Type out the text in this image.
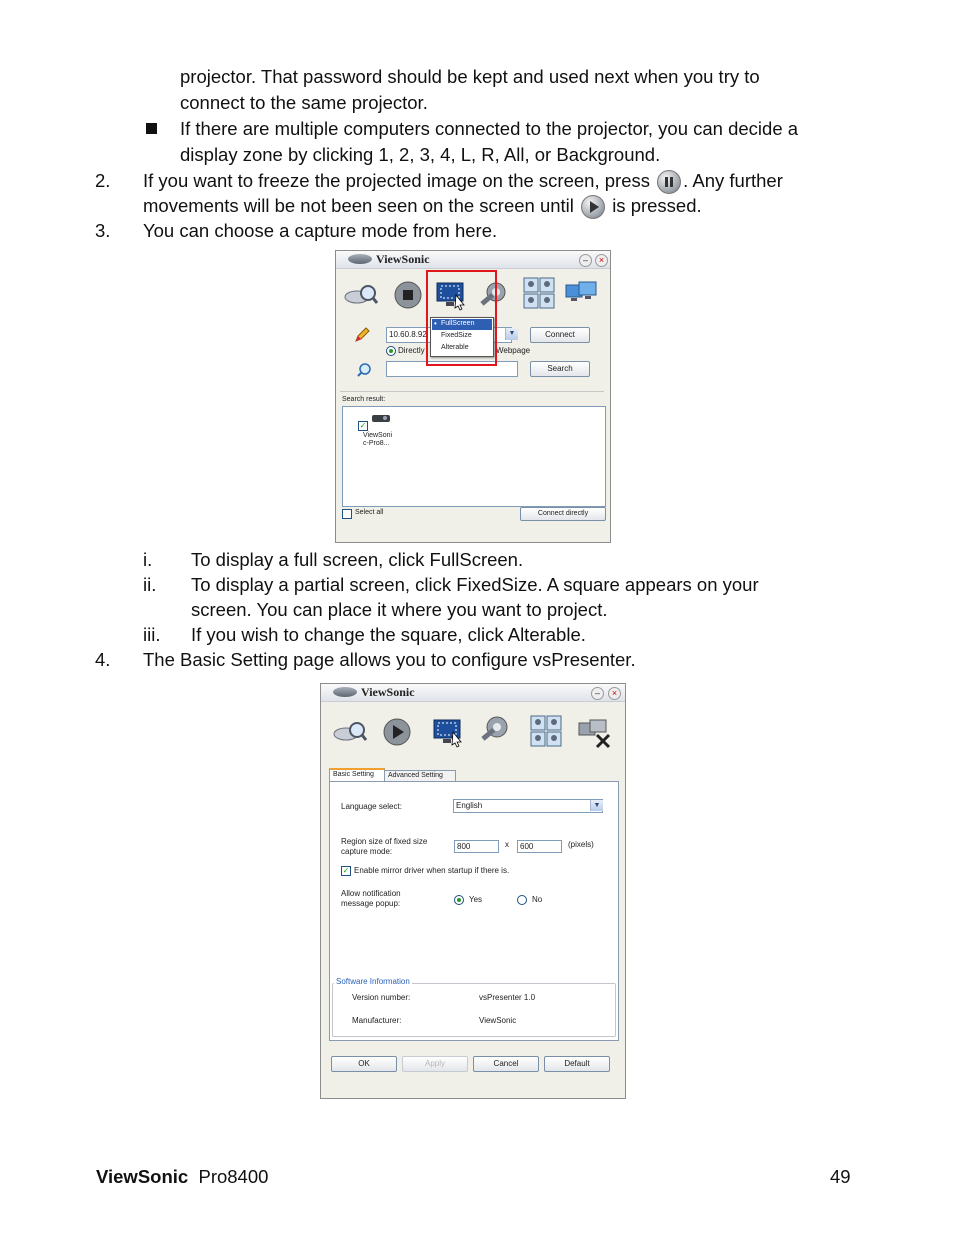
projector. That password should be kept and used next when you try to
connect to the same projector.
If there are multiple computers connected to the projector, you can decide a
display zone by clicking 1, 2, 3, 4, L, R, All, or Background.
2. If you want to freeze the projected image on the screen, press . Any further
movements will be not been seen on the screen until is pressed.
3. You can choose a capture mode from here.
ViewSonic	–	×
10.60.8.92	▼	Connect
Directly	Webpage
Search
• FullScreen
FixedSize
Alterable
Search result:
✓
ViewSoni
c-Pro8...
Select all	Connect directly
i. To display a full screen, click FullScreen.
ii. To display a partial screen, click FixedSize. A square appears on your
screen. You can place it where you want to project.
iii. If you wish to change the square, click Alterable.
4. The Basic Setting page allows you to configure vsPresenter.
ViewSonic	–	×
Basic Setting Advanced Setting
Language select:	English	▼
Region size of fixed size
capture mode:
800	x	600	(pixels)
✓ Enable mirror driver when startup if there is.
Allow notification
message popup:	Yes	No
Software Information
Version number:	vsPresenter 1.0
Manufacturer:	ViewSonic
OK	Apply	Cancel	Default
ViewSonic Pro8400	49
